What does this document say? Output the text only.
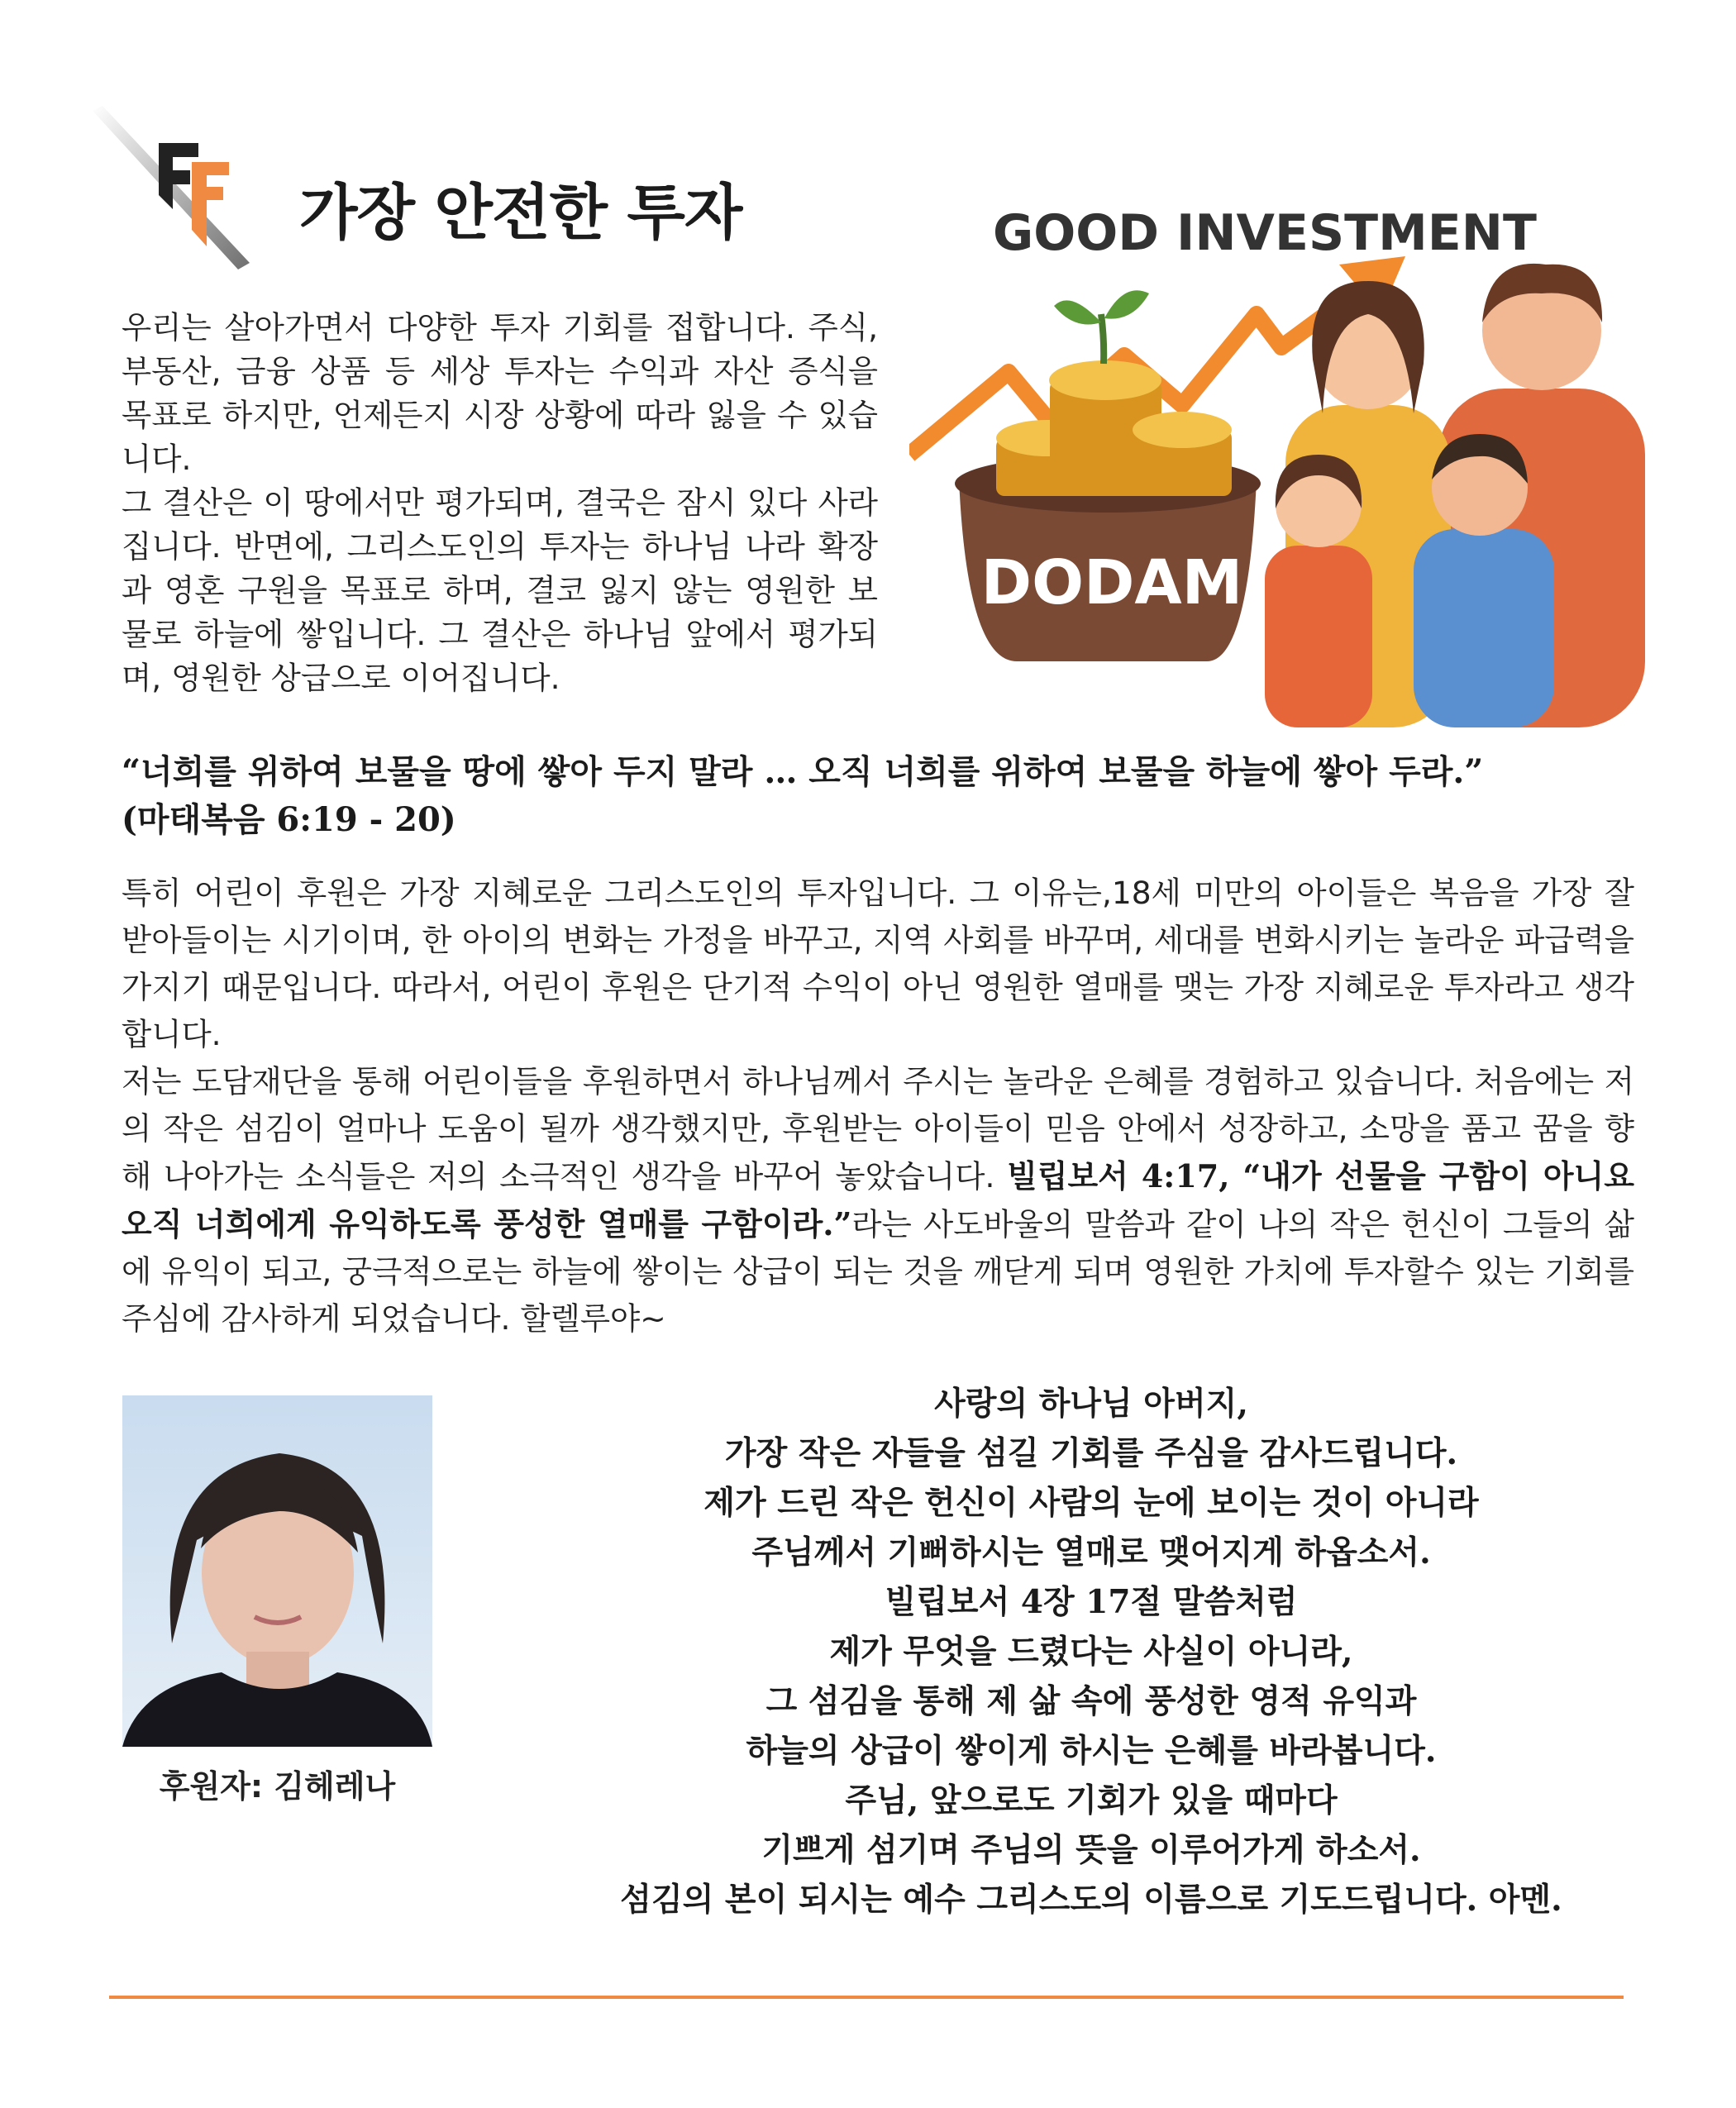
가장 안전한 투자

우리는 살아가면서 다양한 투자 기회를 접합니다. 주식, 부동산, 금융 상품 등 세상 투자는 수익과 자산 증식을 목표로 하지만, 언제든지 시장 상황에 따라 잃을 수 있습니다.

그 결산은 이 땅에서만 평가되며, 결국은 잠시 있다 사라집니다. 반면에, 그리스도인의 투자는 하나님 나라 확장과 영혼 구원을 목표로 하며, 결코 잃지 않는 영원한 보물로 하늘에 쌓입니다. 그 결산은 하나님 앞에서 평가되며, 영원한 상급으로 이어집니다.

GOOD INVESTMENT
DODAM
“너희를 위하여 보물을 땅에 쌓아 두지 말라 … 오직 너희를 위하여 보물을 하늘에 쌓아 두라.”
(마태복음 6:19 - 20)

특히 어린이 후원은 가장 지혜로운 그리스도인의 투자입니다. 그 이유는,18세 미만의 아이들은 복음을 가장 잘 받아들이는 시기이며, 한 아이의 변화는 가정을 바꾸고, 지역 사회를 바꾸며, 세대를 변화시키는 놀라운 파급력을 가지기 때문입니다. 따라서, 어린이 후원은 단기적 수익이 아닌 영원한 열매를 맺는 가장 지혜로운 투자라고 생각합니다.

저는 도담재단을 통해 어린이들을 후원하면서 하나님께서 주시는 놀라운 은혜를 경험하고 있습니다. 처음에는 저의 작은 섬김이 얼마나 도움이 될까 생각했지만, 후원받는 아이들이 믿음 안에서 성장하고, 소망을 품고 꿈을 향해 나아가는 소식들은 저의 소극적인 생각을 바꾸어 놓았습니다. 빌립보서 4:17, “내가 선물을 구함이 아니요 오직 너희에게 유익하도록 풍성한 열매를 구함이라.”라는 사도바울의 말씀과 같이 나의 작은 헌신이 그들의 삶에 유익이 되고, 궁극적으로는 하늘에 쌓이는 상급이 되는 것을 깨닫게 되며 영원한 가치에 투자할수 있는 기회를 주심에 감사하게 되었습니다. 할렐루야~

후원자: 김헤레나
사랑의 하나님 아버지,
가장 작은 자들을 섬길 기회를 주심을 감사드립니다.
제가 드린 작은 헌신이 사람의 눈에 보이는 것이 아니라
주님께서 기뻐하시는 열매로 맺어지게 하옵소서.
빌립보서 4장 17절 말씀처럼
제가 무엇을 드렸다는 사실이 아니라,
그 섬김을 통해 제 삶 속에 풍성한 영적 유익과
하늘의 상급이 쌓이게 하시는 은혜를 바라봅니다.
주님, 앞으로도 기회가 있을 때마다
기쁘게 섬기며 주님의 뜻을 이루어가게 하소서.
섬김의 본이 되시는 예수 그리스도의 이름으로 기도드립니다. 아멘.
